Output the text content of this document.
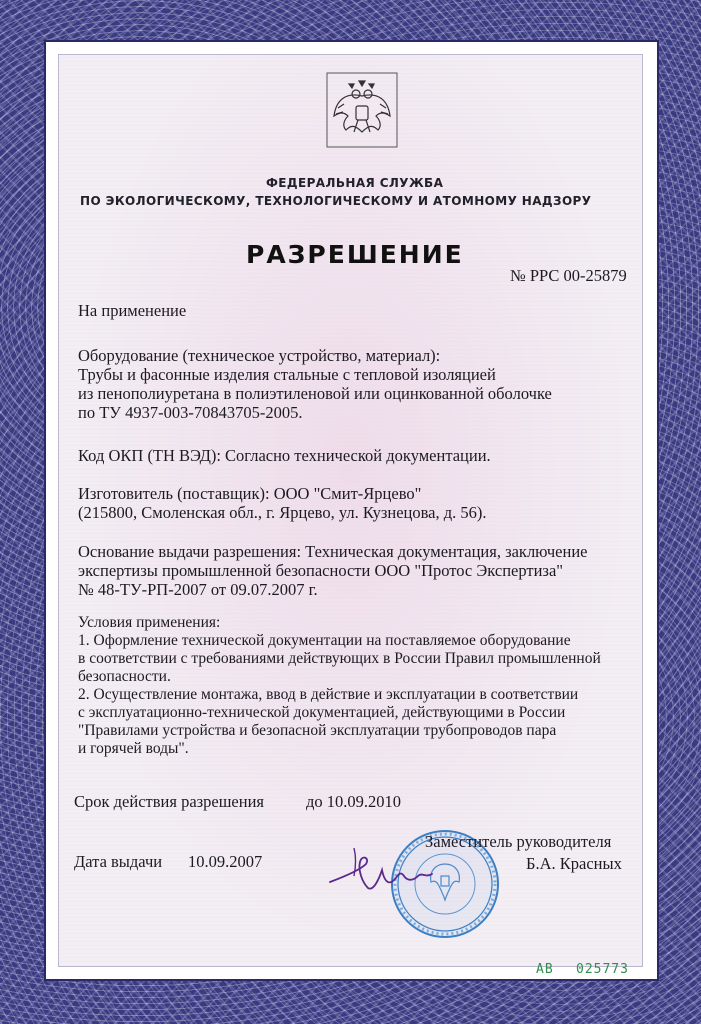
ФЕДЕРАЛЬНАЯ СЛУЖБА
ПО ЭКОЛОГИЧЕСКОМУ, ТЕХНОЛОГИЧЕСКОМУ И АТОМНОМУ НАДЗОРУ
РАЗРЕШЕНИЕ
№ РРС 00-25879
На применение
Оборудование (техническое устройство, материал):
Трубы и фасонные изделия стальные с тепловой изоляцией
из пенополиуретана в полиэтиленовой или оцинкованной оболочке
по ТУ 4937-003-70843705-2005.
Код ОКП (ТН ВЭД): Согласно технической документации.
Изготовитель (поставщик): ООО "Смит-Ярцево"
(215800, Смоленская обл., г. Ярцево, ул. Кузнецова, д. 56).
Основание выдачи разрешения: Техническая документация, заключение
экспертизы промышленной безопасности ООО "Протос Экспертиза"
№ 48-ТУ-РП-2007 от 09.07.2007 г.
Условия применения:
1. Оформление технической документации на поставляемое оборудование
в соответствии с требованиями действующих в России Правил промышленной
безопасности.
2. Осуществление монтажа, ввод в действие и эксплуатации в соответствии
с эксплуатационно-технической документацией, действующими в России
"Правилами устройства и безопасной эксплуатации трубопроводов пара
и горячей воды".
Срок действия разрешения	до 10.09.2010
Заместитель руководителя
Б.А. Красных
Дата выдачи 10.09.2007
АВ 025773
